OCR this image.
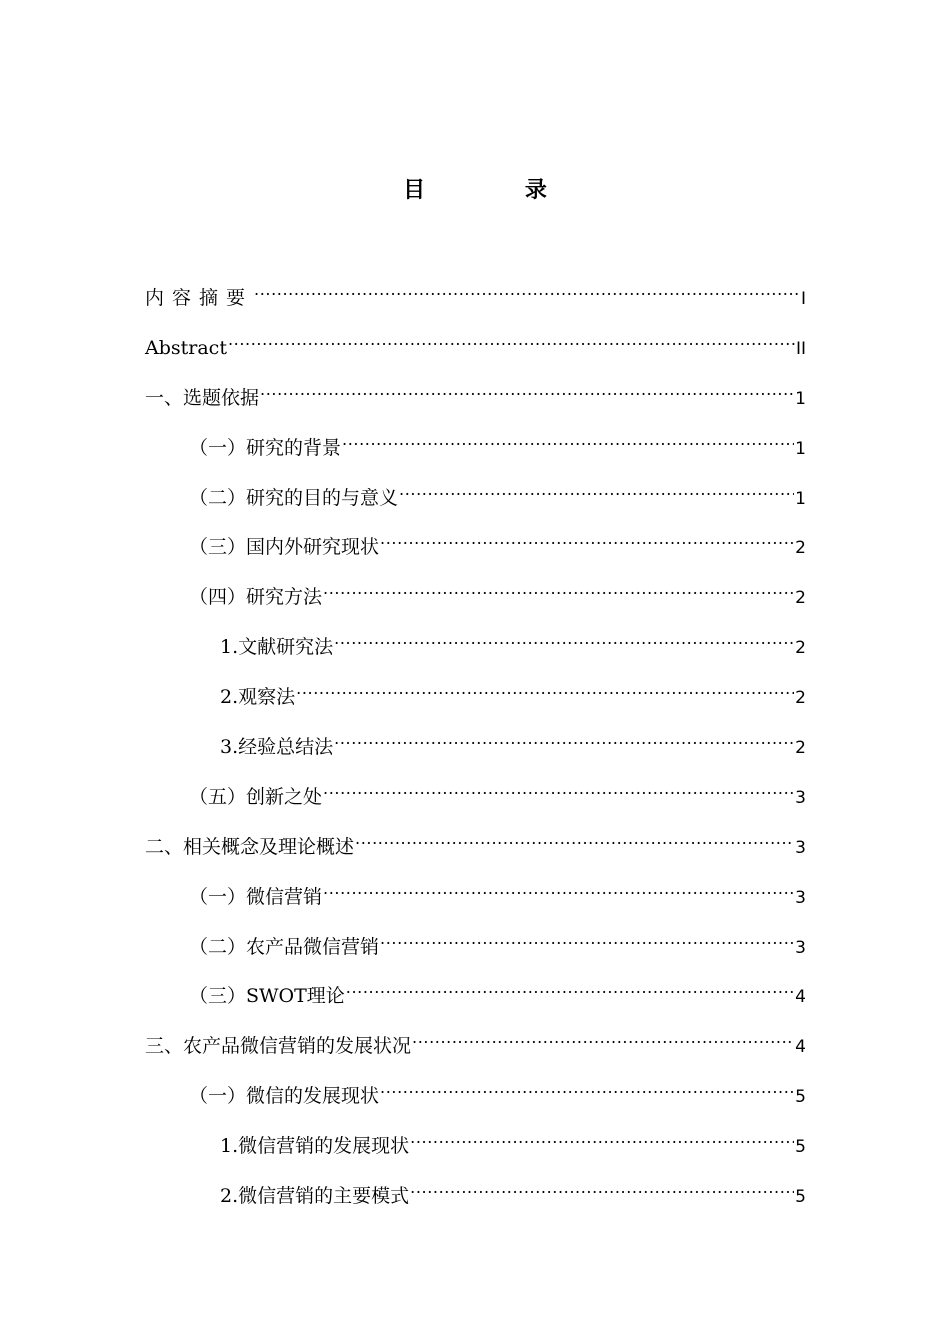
目 录
内容摘要 .....	I
Abstract .....	II
一、选题依据 .....	1
（一）研究的背景 .....	1
（二）研究的目的与意义 .....	1
（三）国内外研究现状 .....	2
（四）研究方法 .....	2
1.文献研究法 .....	2
2.观察法 .....	2
3.经验总结法 .....	2
（五）创新之处 .....	3
二、相关概念及理论概述 .....	3
（一）微信营销 .....	3
（二）农产品微信营销 .....	3
（三）SWOT理论 .....	4
三、农产品微信营销的发展状况 .....	4
（一）微信的发展现状 .....	5
1.微信营销的发展现状 .....	5
2.微信营销的主要模式 .....	5
